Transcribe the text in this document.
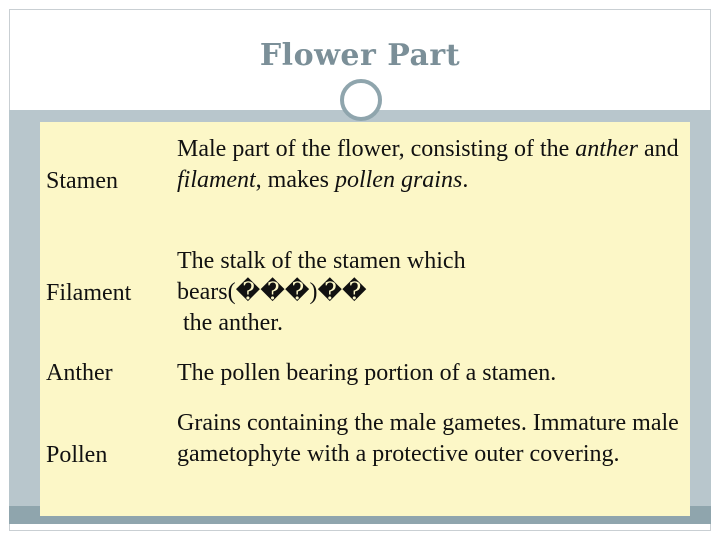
Flower Part
Stamen
Male part of the flower, consisting of the anther and filament, makes pollen grains.
Filament
The stalk of the stamen which
bears(���)��
the anther.
Anther	The pollen bearing portion of a stamen.
Pollen
Grains containing the male gametes. Immature male gametophyte with a protective outer covering.
